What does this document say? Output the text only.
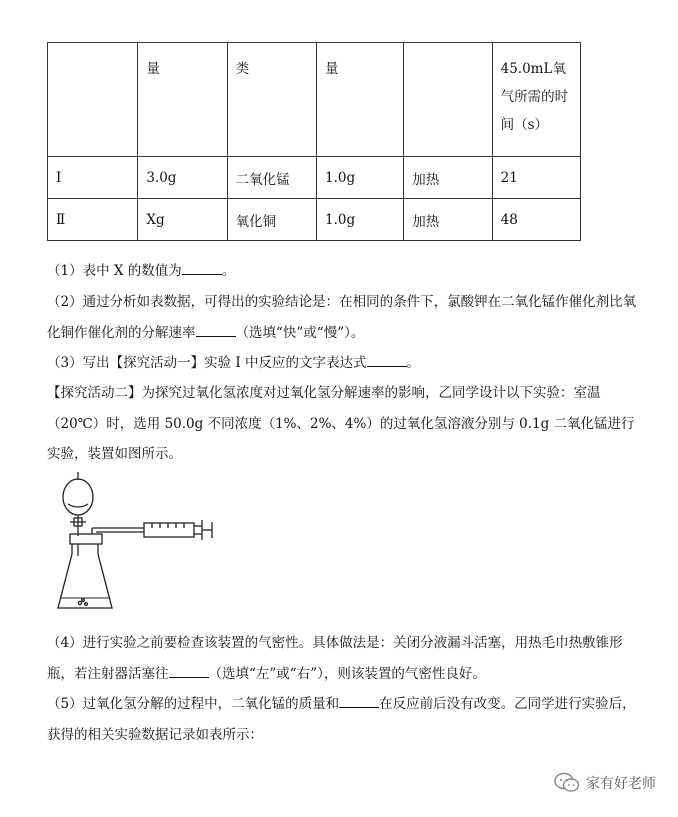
	量	类	量		45.0mL氧气所需的时间（s）
Ⅰ	3.0g	二氧化锰	1.0g	加热	21
Ⅱ	Xg	氧化铜	1.0g	加热	48

（1）表中 X 的数值为	。

（2）通过分析如表数据，可得出的实验结论是：在相同的条件下，氯酸钾在二氧化锰作催化剂比氧化铜作催化剂的分解速率	（选填“快”或“慢”）。

（3）写出【探究活动一】实验 I 中反应的文字表达式	。

【探究活动二】为探究过氧化氢浓度对过氧化氢分解速率的影响，乙同学设计以下实验：室温（20℃）时，选用 50.0g 不同浓度（1%、2%、4%）的过氧化氢溶液分别与 0.1g 二氧化锰进行实验，装置如图所示。

（4）进行实验之前要检查该装置的气密性。具体做法是：关闭分液漏斗活塞，用热毛巾热敷锥形瓶，若注射器活塞往	（选填“左”或“右”），则该装置的气密性良好。

（5）过氧化氢分解的过程中，二氧化锰的质量和	在反应前后没有改变。乙同学进行实验后，获得的相关实验数据记录如表所示：

家有好老师
